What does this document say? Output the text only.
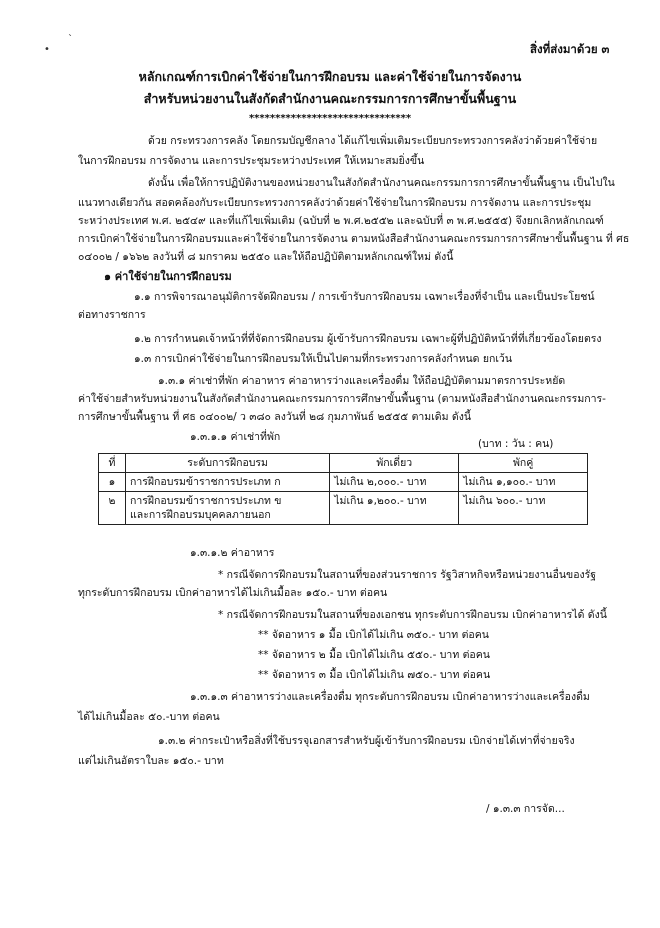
•
ˋ
สิ่งที่ส่งมาด้วย ๓
หลักเกณฑ์การเบิกค่าใช้จ่ายในการฝึกอบรม และค่าใช้จ่ายในการจัดงาน
สำหรับหน่วยงานในสังกัดสำนักงานคณะกรรมการการศึกษาขั้นพื้นฐาน
*******************************
ด้วย กระทรวงการคลัง โดยกรมบัญชีกลาง ได้แก้ไขเพิ่มเติมระเบียบกระทรวงการคลังว่าด้วยค่าใช้จ่าย
ในการฝึกอบรม การจัดงาน และการประชุมระหว่างประเทศ ให้เหมาะสมยิ่งขึ้น
ดังนั้น เพื่อให้การปฏิบัติงานของหน่วยงานในสังกัดสำนักงานคณะกรรมการการศึกษาขั้นพื้นฐาน เป็นไปใน
แนวทางเดียวกัน สอดคล้องกับระเบียบกระทรวงการคลังว่าด้วยค่าใช้จ่ายในการฝึกอบรม การจัดงาน และการประชุม
ระหว่างประเทศ พ.ศ. ๒๕๔๙ และที่แก้ไขเพิ่มเติม (ฉบับที่ ๒ พ.ศ.๒๕๕๒ และฉบับที่ ๓ พ.ศ.๒๕๕๕) จึงยกเลิกหลักเกณฑ์
การเบิกค่าใช้จ่ายในการฝึกอบรมและค่าใช้จ่ายในการจัดงาน ตามหนังสือสำนักงานคณะกรรมการการศึกษาขั้นพื้นฐาน ที่ ศธ
๐๔๐๐๒ / ๑๖๖๒ ลงวันที่ ๘ มกราคม ๒๕๕๐ และให้ถือปฏิบัติตามหลักเกณฑ์ใหม่ ดังนี้
๑ ค่าใช้จ่ายในการฝึกอบรม
๑.๑ การพิจารณาอนุมัติการจัดฝึกอบรม / การเข้ารับการฝึกอบรม เฉพาะเรื่องที่จำเป็น และเป็นประโยชน์
ต่อทางราชการ
๑.๒ การกำหนดเจ้าหน้าที่ที่จัดการฝึกอบรม ผู้เข้ารับการฝึกอบรม เฉพาะผู้ที่ปฏิบัติหน้าที่ที่เกี่ยวข้องโดยตรง
๑.๓ การเบิกค่าใช้จ่ายในการฝึกอบรมให้เป็นไปตามที่กระทรวงการคลังกำหนด ยกเว้น
๑.๓.๑ ค่าเช่าที่พัก ค่าอาหาร ค่าอาหารว่างและเครื่องดื่ม ให้ถือปฏิบัติตามมาตรการประหยัด
ค่าใช้จ่ายสำหรับหน่วยงานในสังกัดสำนักงานคณะกรรมการการศึกษาขั้นพื้นฐาน (ตามหนังสือสำนักงานคณะกรรมการ-
การศึกษาขั้นพื้นฐาน ที่ ศธ ๐๔๐๐๒/ ว ๓๘๐ ลงวันที่ ๒๘ กุมภาพันธ์ ๒๕๕๕ ตามเดิม ดังนี้
๑.๓.๑.๑ ค่าเช่าที่พัก
(บาท : วัน : คน)
ที่	ระดับการฝึกอบรม	พักเดี่ยว	พักคู่
๑	การฝึกอบรมข้าราชการประเภท ก	ไม่เกิน ๒,๐๐๐.- บาท	ไม่เกิน ๑,๑๐๐.- บาท
๒	การฝึกอบรมข้าราชการประเภท ข
และการฝึกอบรมบุคคลภายนอก	ไม่เกิน ๑,๒๐๐.- บาท	ไม่เกิน ๖๐๐.- บาท
๑.๓.๑.๒ ค่าอาหาร
* กรณีจัดการฝึกอบรมในสถานที่ของส่วนราชการ รัฐวิสาหกิจหรือหน่วยงานอื่นของรัฐ
ทุกระดับการฝึกอบรม เบิกค่าอาหารได้ไม่เกินมื้อละ ๑๕๐.- บาท ต่อคน
* กรณีจัดการฝึกอบรมในสถานที่ของเอกชน ทุกระดับการฝึกอบรม เบิกค่าอาหารได้ ดังนี้
** จัดอาหาร ๑ มื้อ เบิกได้ไม่เกิน ๓๕๐.- บาท ต่อคน
** จัดอาหาร ๒ มื้อ เบิกได้ไม่เกิน ๕๕๐.- บาท ต่อคน
** จัดอาหาร ๓ มื้อ เบิกได้ไม่เกิน ๗๕๐.- บาท ต่อคน
๑.๓.๑.๓ ค่าอาหารว่างและเครื่องดื่ม ทุกระดับการฝึกอบรม เบิกค่าอาหารว่างและเครื่องดื่ม
ได้ไม่เกินมื้อละ ๕๐.-บาท ต่อคน
๑.๓.๒ ค่ากระเป๋าหรือสิ่งที่ใช้บรรจุเอกสารสำหรับผู้เข้ารับการฝึกอบรม เบิกจ่ายได้เท่าที่จ่ายจริง
แต่ไม่เกินอัตราใบละ ๑๕๐.- บาท
/ ๑.๓.๓ การจัด...
